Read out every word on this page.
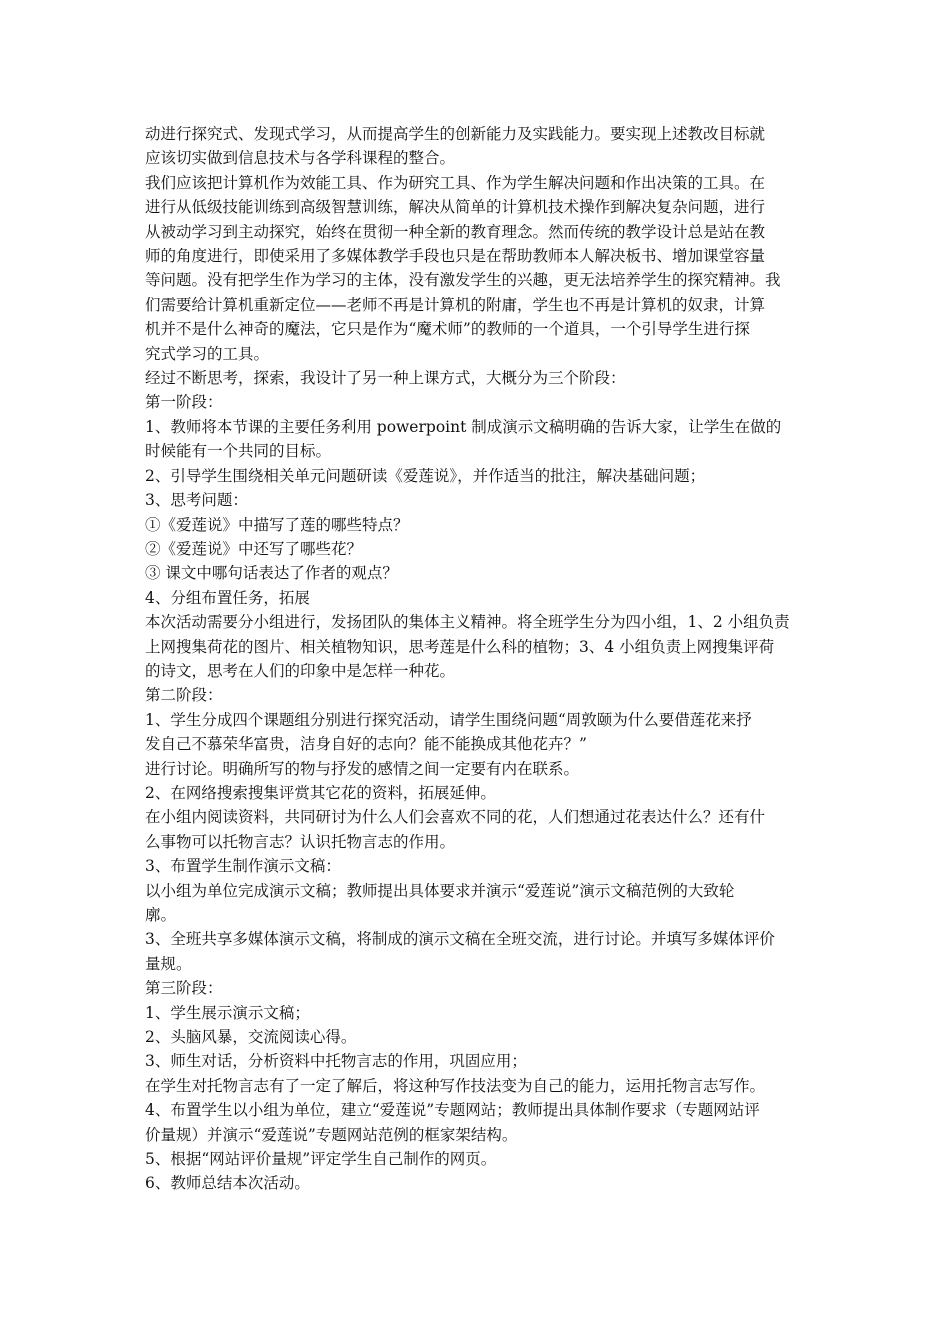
动进行探究式、发现式学习，从而提高学生的创新能力及实践能力。要实现上述教改目标就

应该切实做到信息技术与各学科课程的整合。

我们应该把计算机作为效能工具、作为研究工具、作为学生解决问题和作出决策的工具。在

进行从低级技能训练到高级智慧训练，解决从简单的计算机技术操作到解决复杂问题，进行

从被动学习到主动探究，始终在贯彻一种全新的教育理念。然而传统的教学设计总是站在教

师的角度进行，即使采用了多媒体教学手段也只是在帮助教师本人解决板书、增加课堂容量

等问题。没有把学生作为学习的主体，没有激发学生的兴趣，更无法培养学生的探究精神。我

们需要给计算机重新定位——老师不再是计算机的附庸，学生也不再是计算机的奴隶，计算

机并不是什么神奇的魔法，它只是作为“魔术师”的教师的一个道具，一个引导学生进行探

究式学习的工具。

经过不断思考，探索，我设计了另一种上课方式，大概分为三个阶段：

第一阶段：

1、教师将本节课的主要任务利用 powerpoint 制成演示文稿明确的告诉大家，让学生在做的

时候能有一个共同的目标。

2、引导学生围绕相关单元问题研读《爱莲说》，并作适当的批注，解决基础问题；

3、思考问题：

①《爱莲说》中描写了莲的哪些特点？

②《爱莲说》中还写了哪些花？

③ 课文中哪句话表达了作者的观点？

4、分组布置任务，拓展

本次活动需要分小组进行，发扬团队的集体主义精神。将全班学生分为四小组，1、2 小组负责

上网搜集荷花的图片、相关植物知识，思考莲是什么科的植物；3、4 小组负责上网搜集评荷

的诗文，思考在人们的印象中是怎样一种花。

第二阶段：

1、学生分成四个课题组分别进行探究活动，请学生围绕问题“周敦颐为什么要借莲花来抒

发自己不慕荣华富贵，洁身自好的志向？能不能换成其他花卉？”

进行讨论。明确所写的物与抒发的感情之间一定要有内在联系。

2、在网络搜索搜集评赏其它花的资料，拓展延伸。

在小组内阅读资料，共同研讨为什么人们会喜欢不同的花，人们想通过花表达什么？还有什

么事物可以托物言志？认识托物言志的作用。

3、布置学生制作演示文稿：

以小组为单位完成演示文稿；教师提出具体要求并演示“爱莲说”演示文稿范例的大致轮

廓。

3、全班共享多媒体演示文稿，将制成的演示文稿在全班交流，进行讨论。并填写多媒体评价

量规。

第三阶段：

1、学生展示演示文稿；

2、头脑风暴，交流阅读心得。

3、师生对话，分析资料中托物言志的作用，巩固应用；

在学生对托物言志有了一定了解后，将这种写作技法变为自己的能力，运用托物言志写作。

4、布置学生以小组为单位，建立“爱莲说”专题网站；教师提出具体制作要求（专题网站评

价量规）并演示“爱莲说”专题网站范例的框家架结构。

5、根据“网站评价量规”评定学生自己制作的网页。

6、教师总结本次活动。
